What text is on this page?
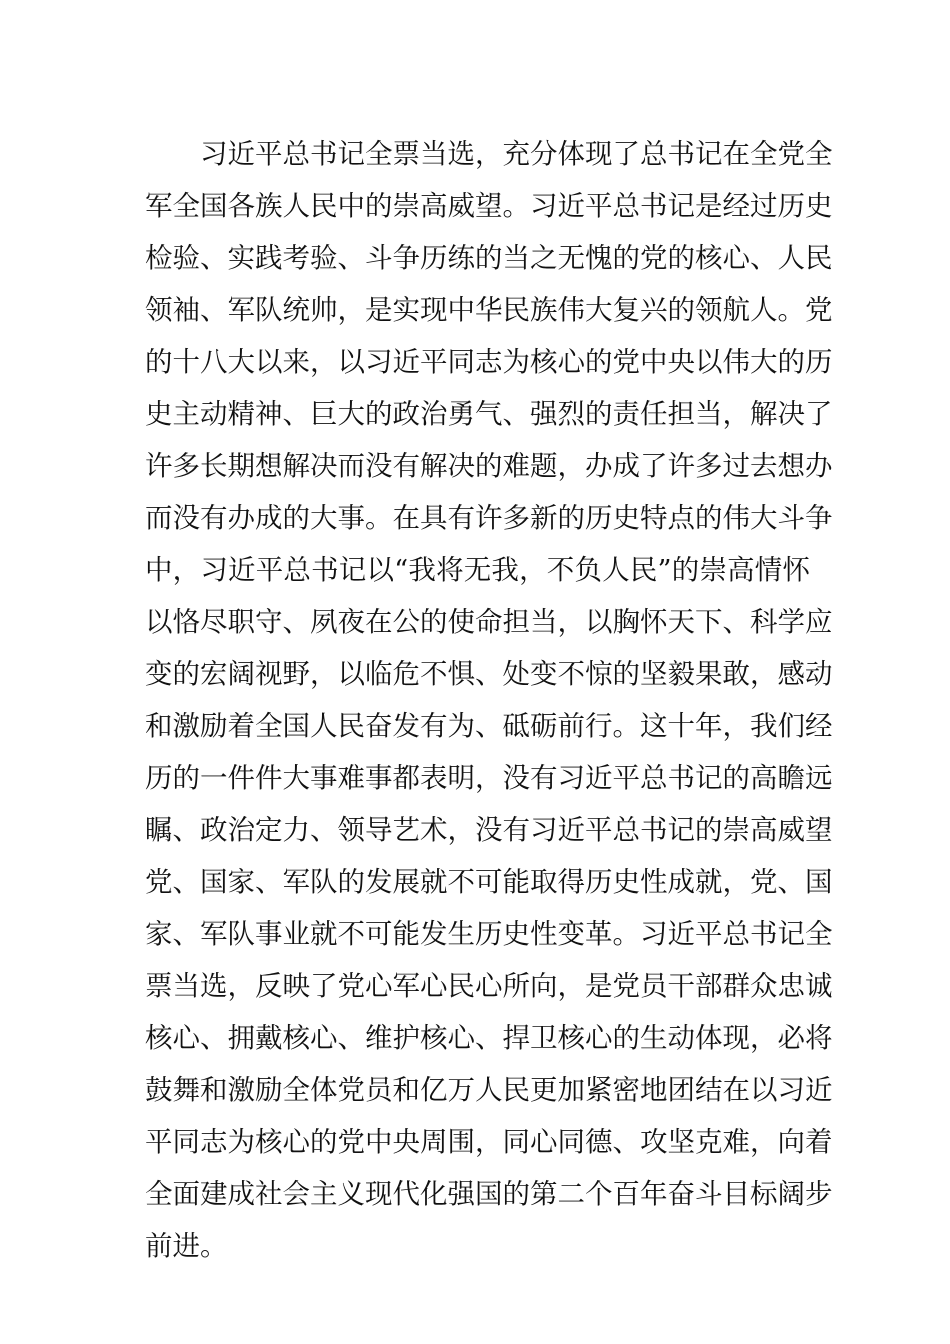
习近平总书记全票当选，充分体现了总书记在全党全
军全国各族人民中的崇高威望。习近平总书记是经过历史
检验、实践考验、斗争历练的当之无愧的党的核心、人民
领袖、军队统帅，是实现中华民族伟大复兴的领航人。党
的十八大以来，以习近平同志为核心的党中央以伟大的历
史主动精神、巨大的政治勇气、强烈的责任担当，解决了
许多长期想解决而没有解决的难题，办成了许多过去想办
而没有办成的大事。在具有许多新的历史特点的伟大斗争
中，习近平总书记以“我将无我，不负人民”的崇高情怀
以恪尽职守、夙夜在公的使命担当，以胸怀天下、科学应
变的宏阔视野，以临危不惧、处变不惊的坚毅果敢，感动
和激励着全国人民奋发有为、砥砺前行。这十年，我们经
历的一件件大事难事都表明，没有习近平总书记的高瞻远
瞩、政治定力、领导艺术，没有习近平总书记的崇高威望
党、国家、军队的发展就不可能取得历史性成就，党、国
家、军队事业就不可能发生历史性变革。习近平总书记全
票当选，反映了党心军心民心所向，是党员干部群众忠诚
核心、拥戴核心、维护核心、捍卫核心的生动体现，必将
鼓舞和激励全体党员和亿万人民更加紧密地团结在以习近
平同志为核心的党中央周围，同心同德、攻坚克难，向着
全面建成社会主义现代化强国的第二个百年奋斗目标阔步
前进。
